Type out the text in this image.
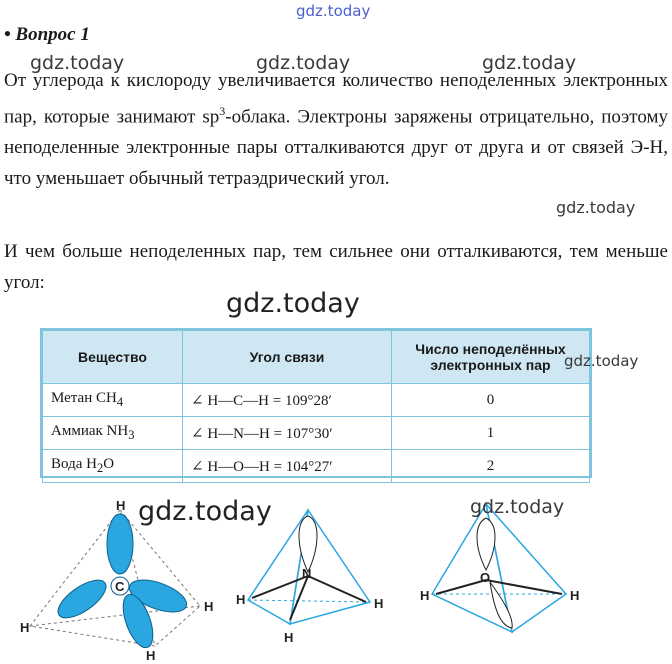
gdz.today
• Вопрос 1
gdz.today	gdz.today	gdz.today
От углерода к кислороду увеличивается количество неподеленных электронных пар, которые занимают $sp^3$-облака. Электроны заряжены отрицательно, поэтому неподеленные электронные пары отталкиваются друг от друга и от связей Э-Н, что уменьшает обычный тетраэдрический угол.
gdz.today
И чем больше неподеленных пар, тем сильнее они отталкиваются, тем меньше угол:
gdz.today
Вещество	Угол связи	Число неподелённых электронных пар
Метан $CH_4$	∠ H—C—H = 109°28′	0
Аммиак $NH_3$	∠ H—N—H = 107°30′	1
Вода $H_2O$	∠ H—O—H = 104°27′	2
gdz.today
C
H
H
H
H
N
H
H
H
O
H	H
gdz.today	gdz.today
